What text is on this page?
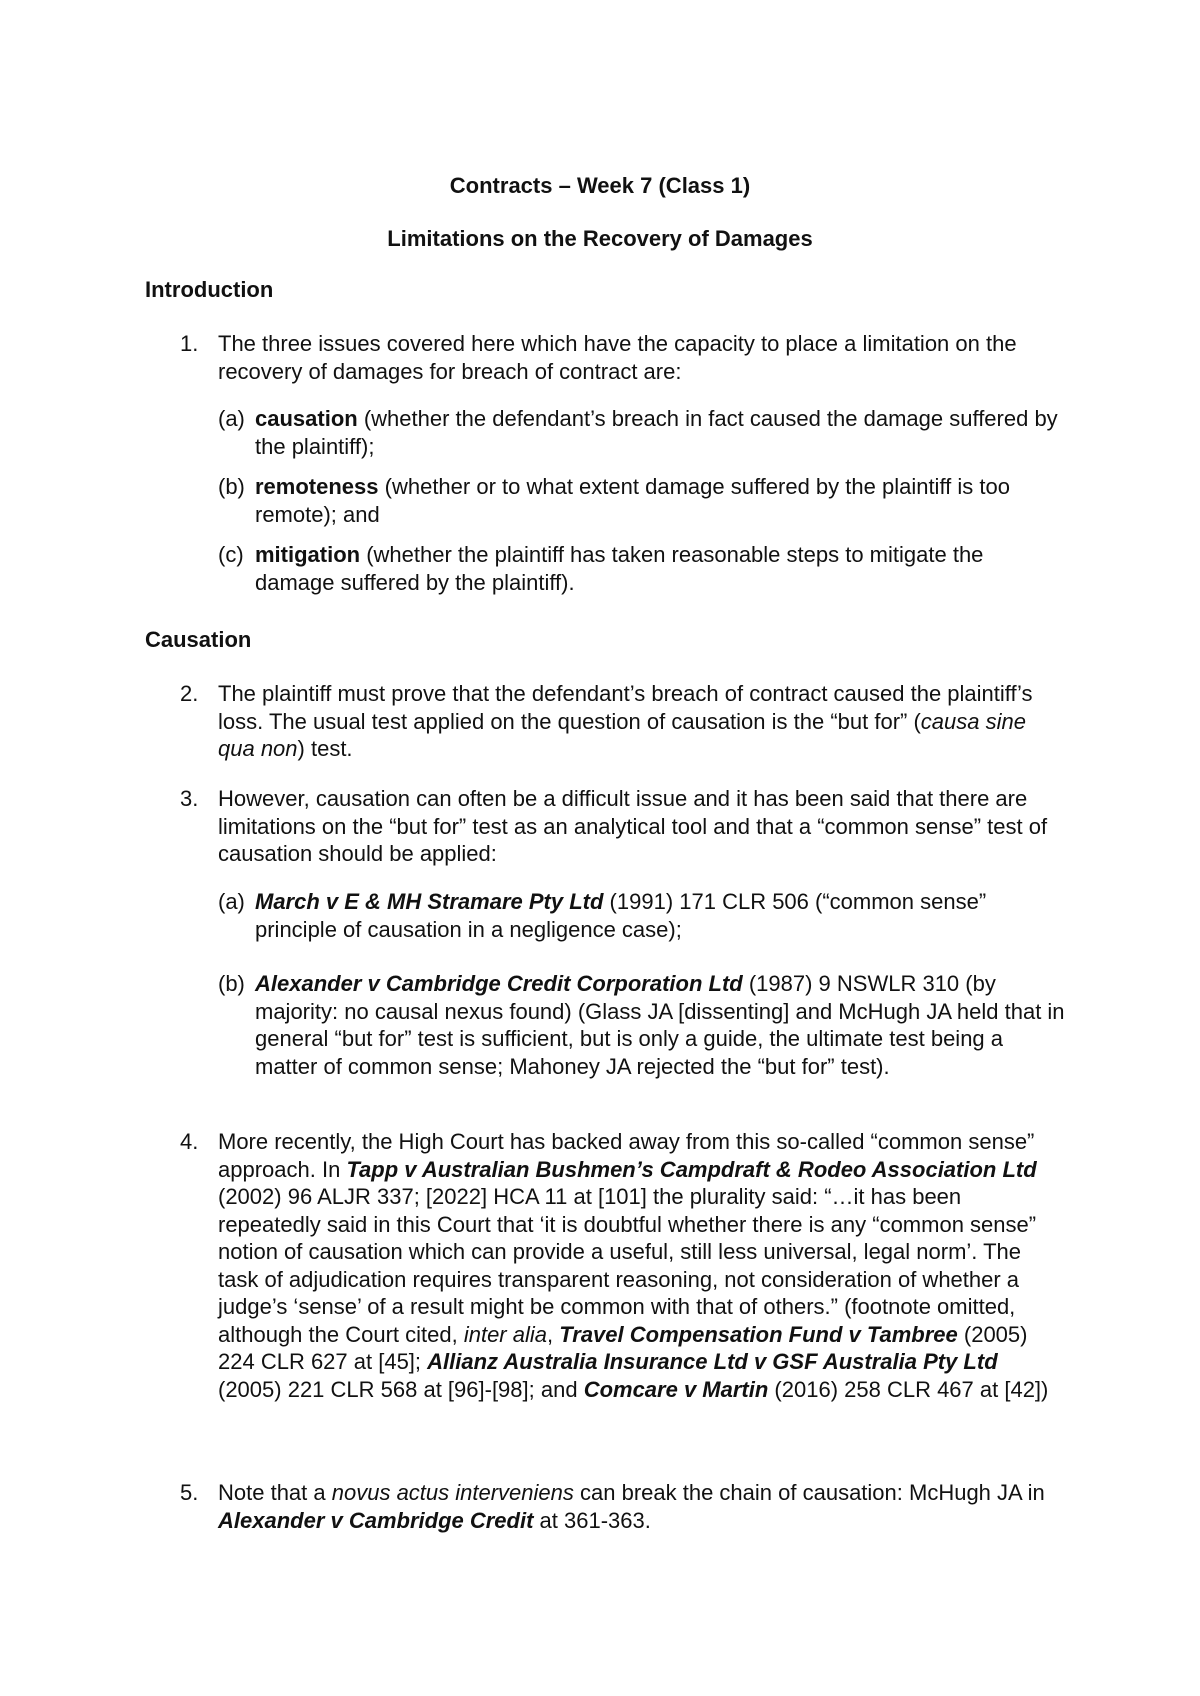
Contracts – Week 7 (Class 1)
Limitations on the Recovery of Damages
Introduction
1. The three issues covered here which have the capacity to place a limitation on the recovery of damages for breach of contract are:
(a) causation (whether the defendant’s breach in fact caused the damage suffered by the plaintiff);
(b) remoteness (whether or to what extent damage suffered by the plaintiff is too remote); and
(c) mitigation (whether the plaintiff has taken reasonable steps to mitigate the damage suffered by the plaintiff).
Causation
2. The plaintiff must prove that the defendant’s breach of contract caused the plaintiff’s loss. The usual test applied on the question of causation is the “but for” (causa sine qua non) test.
3. However, causation can often be a difficult issue and it has been said that there are limitations on the “but for” test as an analytical tool and that a “common sense” test of causation should be applied:
(a) March v E & MH Stramare Pty Ltd (1991) 171 CLR 506 (“common sense” principle of causation in a negligence case);
(b) Alexander v Cambridge Credit Corporation Ltd (1987) 9 NSWLR 310 (by majority: no causal nexus found) (Glass JA [dissenting] and McHugh JA held that in general “but for” test is sufficient, but is only a guide, the ultimate test being a matter of common sense; Mahoney JA rejected the “but for” test).
4. More recently, the High Court has backed away from this so-called “common sense” approach. In Tapp v Australian Bushmen’s Campdraft & Rodeo Association Ltd (2002) 96 ALJR 337; [2022] HCA 11 at [101] the plurality said: “…it has been repeatedly said in this Court that ‘it is doubtful whether there is any “common sense” notion of causation which can provide a useful, still less universal, legal norm’. The task of adjudication requires transparent reasoning, not consideration of whether a judge’s ‘sense’ of a result might be common with that of others.” (footnote omitted, although the Court cited, inter alia, Travel Compensation Fund v Tambree (2005) 224 CLR 627 at [45]; Allianz Australia Insurance Ltd v GSF Australia Pty Ltd (2005) 221 CLR 568 at [96]-[98]; and Comcare v Martin (2016) 258 CLR 467 at [42])
5. Note that a novus actus interveniens can break the chain of causation: McHugh JA in Alexander v Cambridge Credit at 361-363.
